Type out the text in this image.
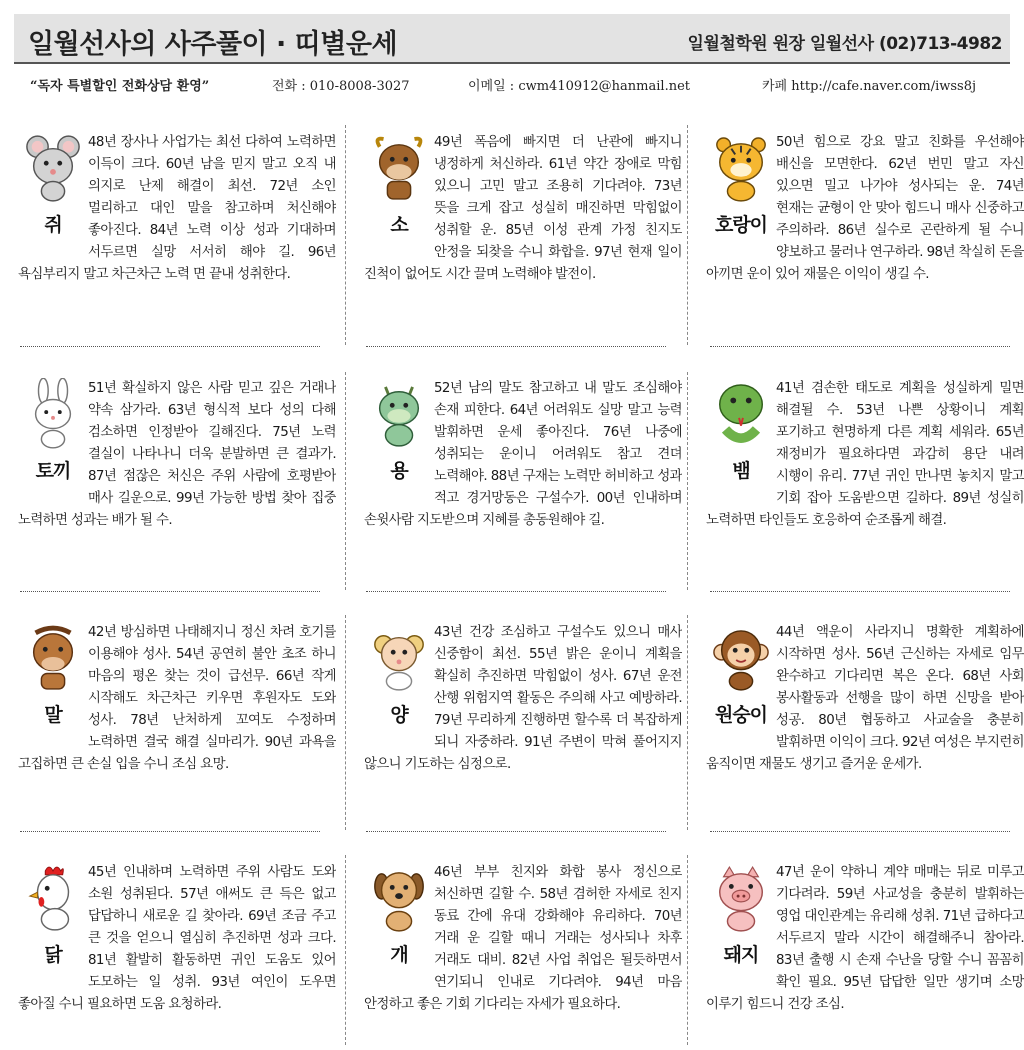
일월선사의 사주풀이 · 띠별운세	일월철학원 원장 일월선사 (02)713-4982
“독자 특별할인 전화상담 환영”	전화 : 010-8008-3027	이메일 : cwm410912@hanmail.net	카페 http://cafe.naver.com/iwss8j
쥐

48년 장사나 사업가는 최선 다하여 노력하면 이득이 크다. 60년 남을 믿지 말고 오직 내 의지로 난제 해결이 최선. 72년 소인 멀리하고 대인 말을 참고하며 처신해야 좋아진다. 84년 노력 이상 성과 기대하며 서두르면 실망 서서히 해야 길. 96년 욕심부리지 말고 차근차근 노력 면 끝내 성취한다.

소

49년 폭음에 빠지면 더 난관에 빠지니 냉정하게 처신하라. 61년 약간 장애로 막힘 있으니 고민 말고 조용히 기다려야. 73년 뜻을 크게 잡고 성실히 매진하면 막힘없이 성취할 운. 85년 이성 관계 가정 친지도 안정을 되찾을 수니 화합을. 97년 현재 일이 진척이 없어도 시간 끌며 노력해야 발전이.

호랑이

50년 힘으로 강요 말고 친화를 우선해야 배신을 모면한다. 62년 번민 말고 자신 있으면 밀고 나가야 성사되는 운. 74년 현재는 균형이 안 맞아 힘드니 매사 신중하고 주의하라. 86년 실수로 곤란하게 될 수니 양보하고 물러나 연구하라. 98년 착실히 돈을 아끼면 운이 있어 재물은 이익이 생길 수.

토끼

51년 확실하지 않은 사람 믿고 깊은 거래나 약속 삼가라. 63년 형식적 보다 성의 다해 검소하면 인정받아 길해진다. 75년 노력 결실이 나타나니 더욱 분발하면 큰 결과가. 87년 점잖은 처신은 주위 사람에 호평받아 매사 길운으로. 99년 가능한 방법 찾아 집중 노력하면 성과는 배가 될 수.

용

52년 남의 말도 참고하고 내 말도 조심해야 손재 피한다. 64년 어려워도 실망 말고 능력 발휘하면 운세 좋아진다. 76년 나중에 성취되는 운이니 어려워도 참고 견뎌 노력해야. 88년 구재는 노력만 허비하고 성과 적고 경거망동은 구설수가. 00년 인내하며 손윗사람 지도받으며 지혜를 총동원해야 길.

뱀

41년 겸손한 태도로 계획을 성실하게 밀면 해결될 수. 53년 나쁜 상황이니 계획 포기하고 현명하게 다른 계획 세워라. 65년 재정비가 필요하다면 과감히 용단 내려 시행이 유리. 77년 귀인 만나면 놓치지 말고 기회 잡아 도움받으면 길하다. 89년 성실히 노력하면 타인들도 호응하여 순조롭게 해결.

말

42년 방심하면 나태해지니 정신 차려 호기를 이용해야 성사. 54년 공연히 불안 초조 하니 마음의 평온 찾는 것이 급선무. 66년 작게 시작해도 차근차근 키우면 후원자도 도와 성사. 78년 난처하게 꼬여도 수정하며 노력하면 결국 해결 실마리가. 90년 과욕을 고집하면 큰 손실 입을 수니 조심 요망.

양

43년 건강 조심하고 구설수도 있으니 매사 신중함이 최선. 55년 밝은 운이니 계획을 확실히 추진하면 막힘없이 성사. 67년 운전 산행 위험지역 활동은 주의해 사고 예방하라. 79년 무리하게 진행하면 할수록 더 복잡하게 되니 자중하라. 91년 주변이 막혀 풀어지지 않으니 기도하는 심정으로.

원숭이

44년 액운이 사라지니 명확한 계획하에 시작하면 성사. 56년 근신하는 자세로 임무 완수하고 기다리면 복은 온다. 68년 사회 봉사활동과 선행을 많이 하면 신망을 받아 성공. 80년 협동하고 사교술을 충분히 발휘하면 이익이 크다. 92년 여성은 부지런히 움직이면 재물도 생기고 즐거운 운세가.

닭

45년 인내하며 노력하면 주위 사람도 도와 소원 성취된다. 57년 애써도 큰 득은 없고 답답하니 새로운 길 찾아라. 69년 조금 주고 큰 것을 얻으니 열심히 추진하면 성과 크다. 81년 활발히 활동하면 귀인 도움도 있어 도모하는 일 성취. 93년 여인이 도우면 좋아질 수니 필요하면 도움 요청하라.

개

46년 부부 친지와 화합 봉사 정신으로 처신하면 길할 수. 58년 겸허한 자세로 친지 동료 간에 유대 강화해야 유리하다. 70년 거래 운 길할 때니 거래는 성사되나 차후 거래도 대비. 82년 사업 취업은 될듯하면서 연기되니 인내로 기다려야. 94년 마음 안정하고 좋은 기회 기다리는 자세가 필요하다.

돼지

47년 운이 약하니 계약 매매는 뒤로 미루고 기다려라. 59년 사교성을 충분히 발휘하는 영업 대인관계는 유리해 성취. 71년 급하다고 서두르지 말라 시간이 해결해주니 참아라. 83년 출행 시 손재 수난을 당할 수니 꼼꼼히 확인 필요. 95년 답답한 일만 생기며 소망 이루기 힘드니 건강 조심.
